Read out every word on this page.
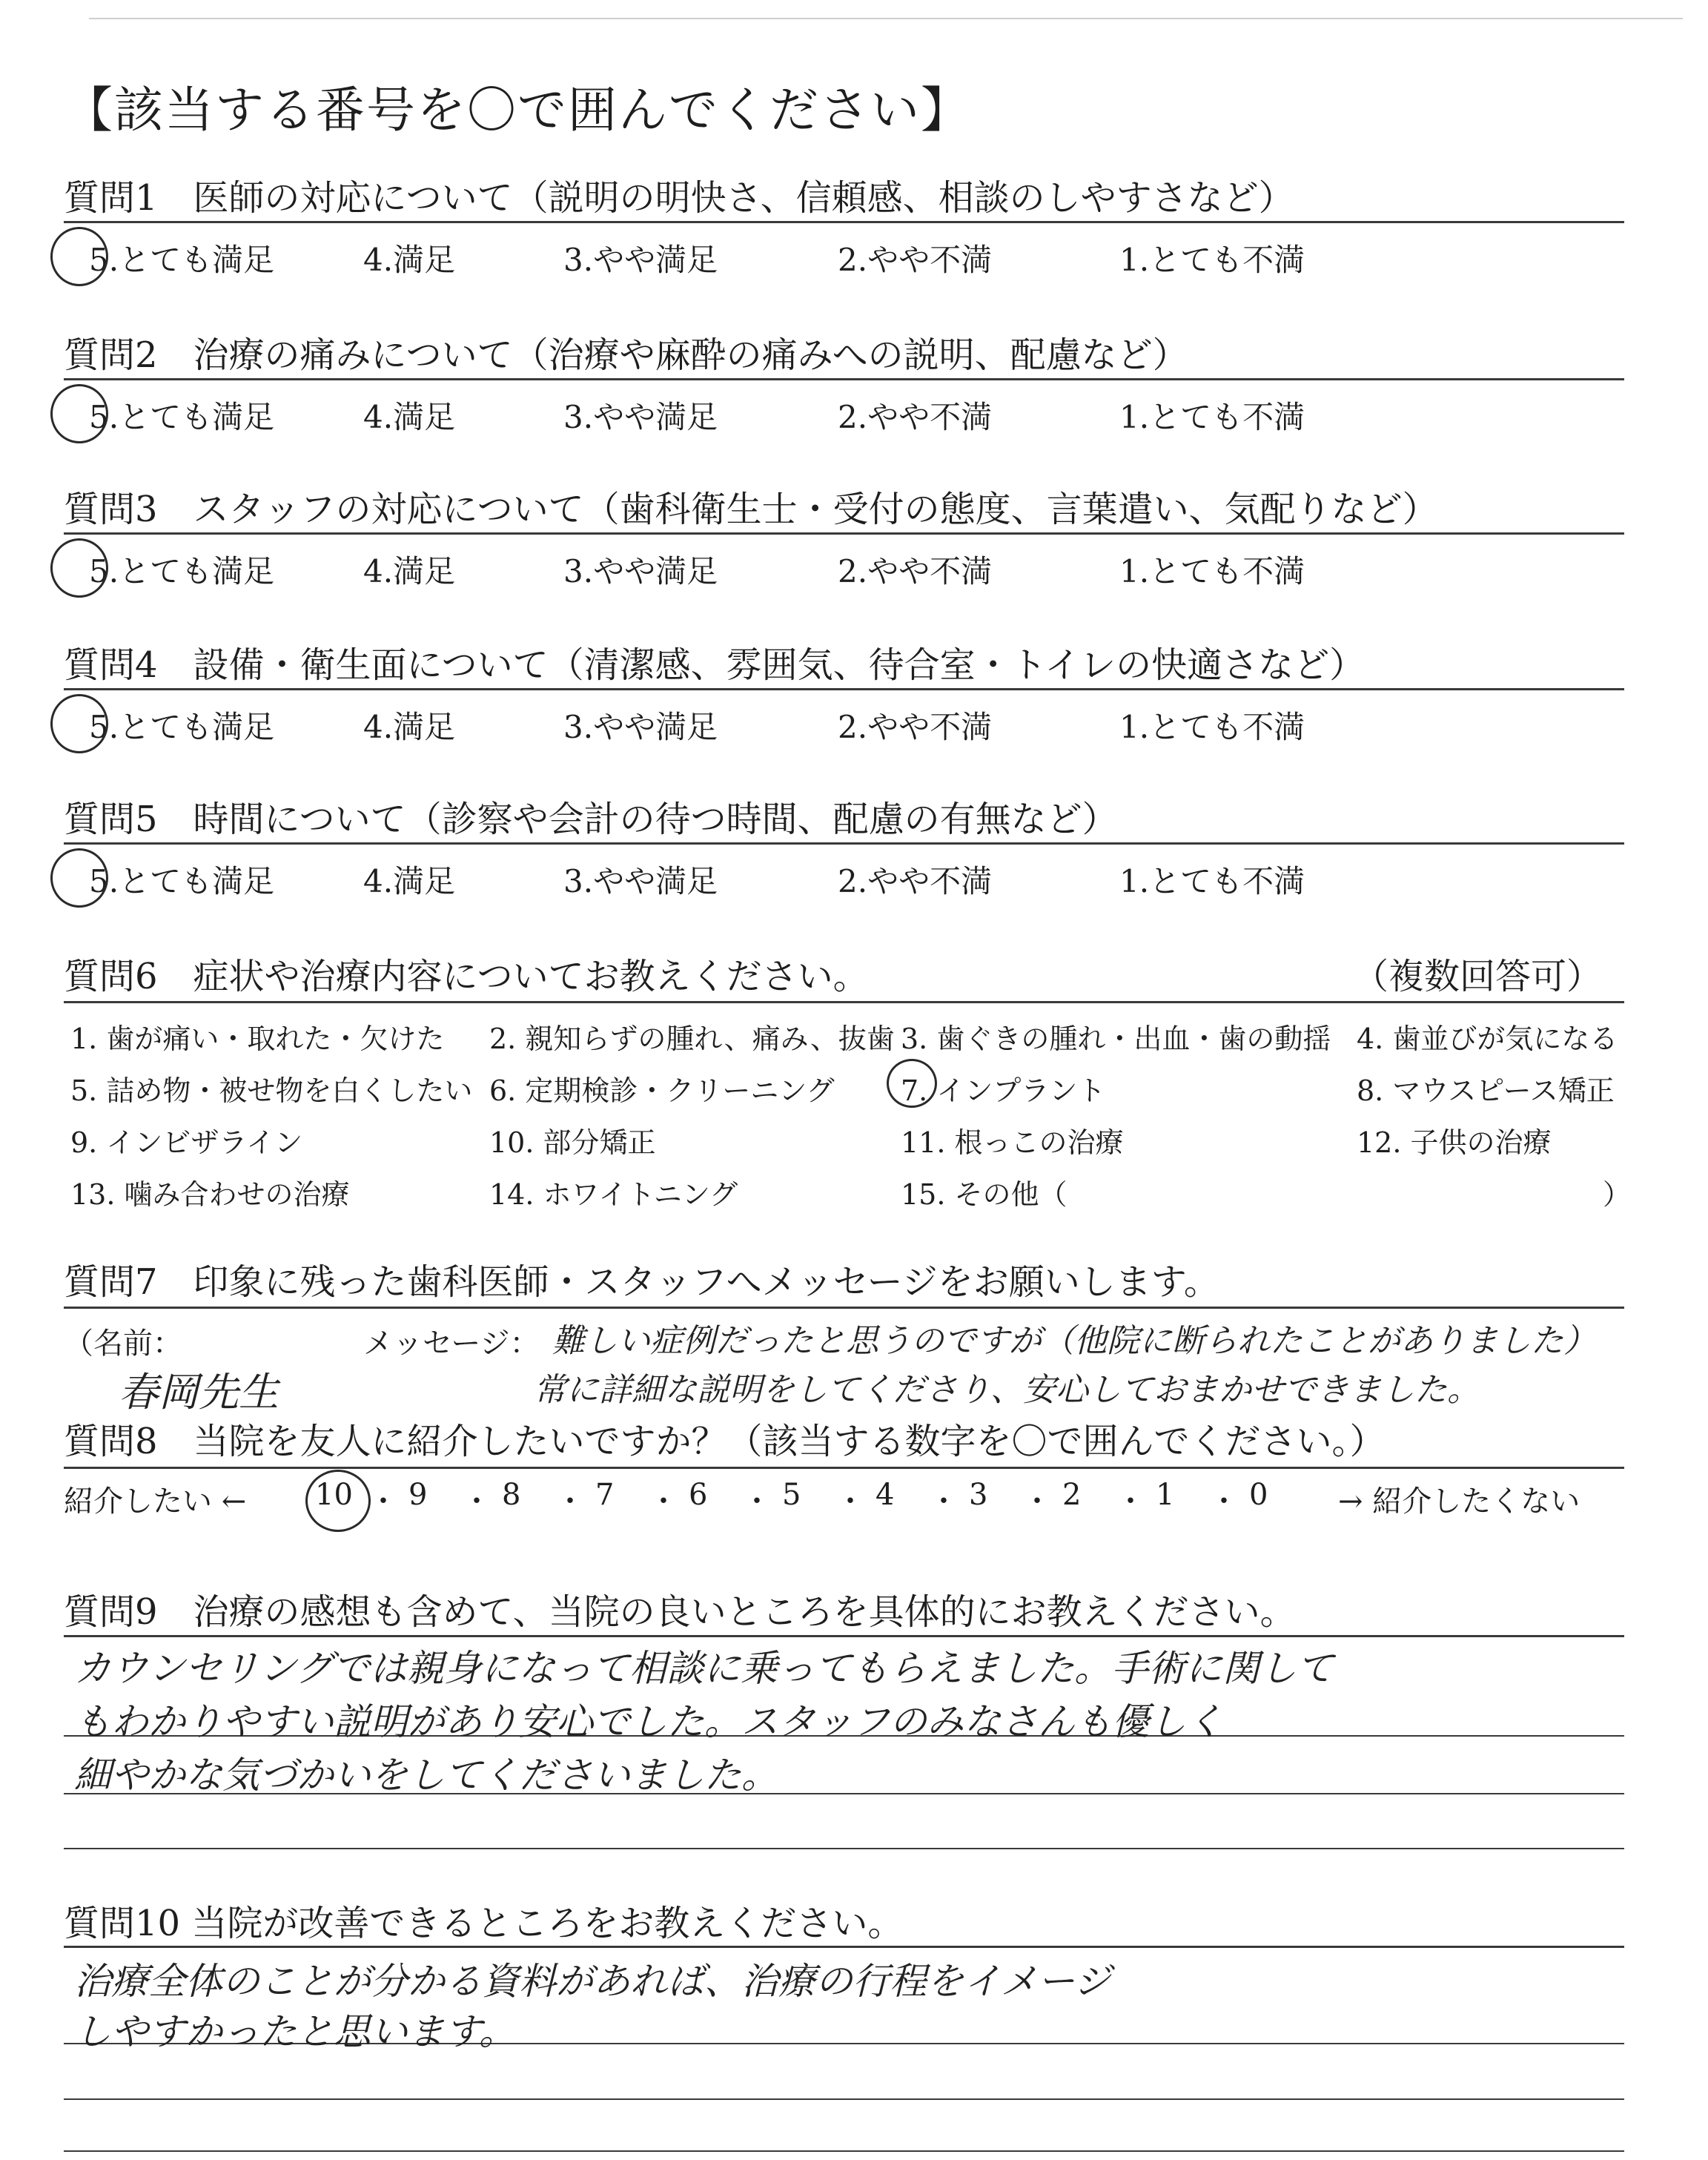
【該当する番号を〇で囲んでください】
質問1　医師の対応について（説明の明快さ、信頼感、相談のしやすさなど）
5.とても満足	4.満足	3.やや満足	2.やや不満	1.とても不満
質問2　治療の痛みについて（治療や麻酔の痛みへの説明、配慮など）
5.とても満足	4.満足	3.やや満足	2.やや不満	1.とても不満
質問3　スタッフの対応について（歯科衛生士・受付の態度、言葉遣い、気配りなど）
5.とても満足	4.満足	3.やや満足	2.やや不満	1.とても不満
質問4　設備・衛生面について（清潔感、雰囲気、待合室・トイレの快適さなど）
5.とても満足	4.満足	3.やや満足	2.やや不満	1.とても不満
質問5　時間について（診察や会計の待つ時間、配慮の有無など）
5.とても満足	4.満足	3.やや満足	2.やや不満	1.とても不満
質問6　症状や治療内容についてお教えください。	（複数回答可）
1. 歯が痛い・取れた・欠けた 2. 親知らずの腫れ、痛み、抜歯 3. 歯ぐきの腫れ・出血・歯の動揺 4. 歯並びが気になる
5. 詰め物・被せ物を白くしたい 6. 定期検診・クリーニング 7. インプラント	8. マウスピース矯正
9. インビザライン	10. 部分矯正	11. 根っこの治療	12. 子供の治療
13. 噛み合わせの治療	14. ホワイトニング	15. その他（	）
質問7　印象に残った歯科医師・スタッフへメッセージをお願いします。
（名前：	メッセージ：
春岡先生
難しい症例だったと思うのですが（他院に断られたことがありました）
常に詳細な説明をしてくださり、安心しておまかせできました。
質問8　当院を友人に紹介したいですか？（該当する数字を〇で囲んでください。）
紹介したい ←	→ 紹介したくない
10 ・ 9 ・ 8 ・ 7 ・ 6 ・ 5 ・ 4 ・ 3 ・ 2 ・ 1 ・ 0
質問9　治療の感想も含めて、当院の良いところを具体的にお教えください。
カウンセリングでは親身になって相談に乗ってもらえました。手術に関して
もわかりやすい説明があり安心でした。スタッフのみなさんも優しく
細やかな気づかいをしてくださいました。
質問10 当院が改善できるところをお教えください。
治療全体のことが分かる資料があれば、治療の行程をイメージ
しやすかったと思います。
